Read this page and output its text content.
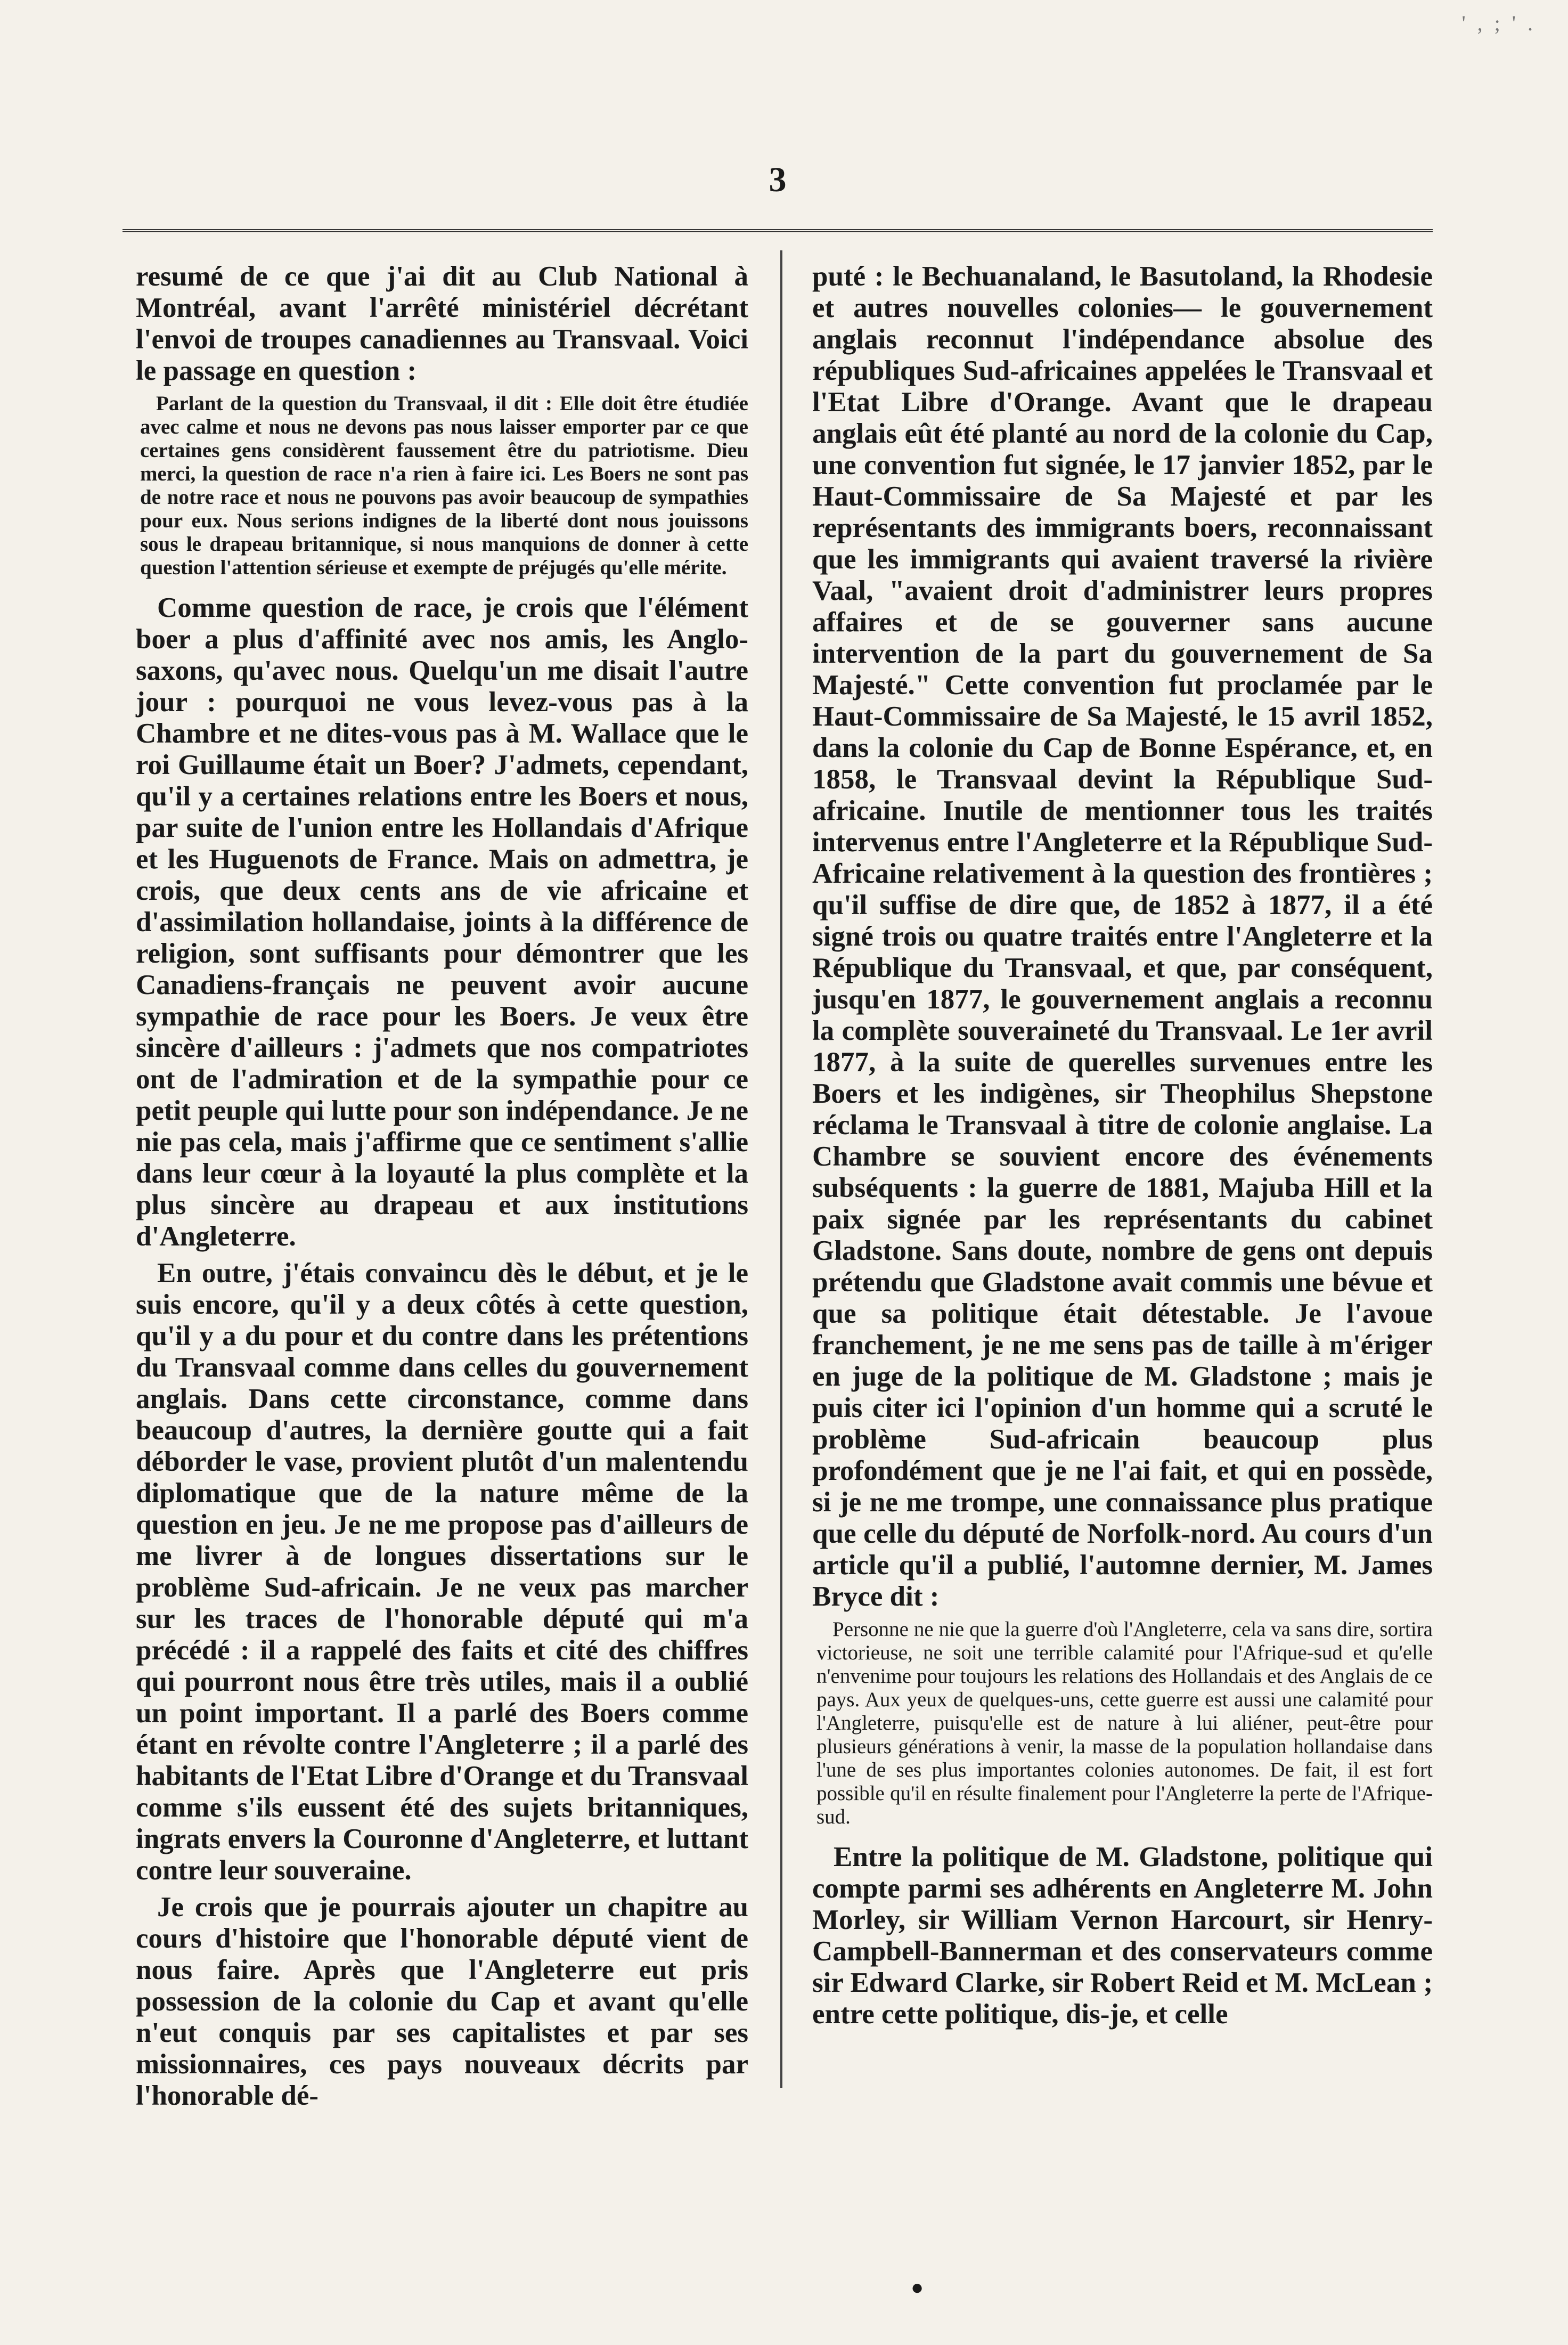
' , ; ' .
3

resumé de ce que j'ai dit au Club National à Montréal, avant l'arrêté ministériel décrétant l'envoi de troupes canadiennes au Transvaal. Voici le passage en question :

Parlant de la question du Transvaal, il dit : Elle doit être étudiée avec calme et nous ne devons pas nous laisser emporter par ce que certaines gens considèrent faussement être du patriotisme. Dieu merci, la question de race n'a rien à faire ici. Les Boers ne sont pas de notre race et nous ne pouvons pas avoir beaucoup de sympathies pour eux. Nous serions indignes de la liberté dont nous jouissons sous le drapeau britannique, si nous manquions de donner à cette question l'attention sérieuse et exempte de préjugés qu'elle mérite.

Comme question de race, je crois que l'élément boer a plus d'affinité avec nos amis, les Anglo-saxons, qu'avec nous. Quelqu'un me disait l'autre jour : pourquoi ne vous levez-vous pas à la Chambre et ne dites-vous pas à M. Wallace que le roi Guillaume était un Boer? J'admets, cependant, qu'il y a certaines relations entre les Boers et nous, par suite de l'union entre les Hollandais d'Afrique et les Huguenots de France. Mais on admettra, je crois, que deux cents ans de vie africaine et d'assimilation hollandaise, joints à la différence de religion, sont suffisants pour démontrer que les Canadiens-français ne peuvent avoir aucune sympathie de race pour les Boers. Je veux être sincère d'ailleurs : j'admets que nos compatriotes ont de l'admiration et de la sympathie pour ce petit peuple qui lutte pour son indépendance. Je ne nie pas cela, mais j'affirme que ce sentiment s'allie dans leur cœur à la loyauté la plus complète et la plus sincère au drapeau et aux institutions d'Angleterre.

En outre, j'étais convaincu dès le début, et je le suis encore, qu'il y a deux côtés à cette question, qu'il y a du pour et du contre dans les prétentions du Transvaal comme dans celles du gouvernement anglais. Dans cette circonstance, comme dans beaucoup d'autres, la dernière goutte qui a fait déborder le vase, provient plutôt d'un malentendu diplomatique que de la nature même de la question en jeu. Je ne me propose pas d'ailleurs de me livrer à de longues dissertations sur le problème Sud-africain. Je ne veux pas marcher sur les traces de l'honorable député qui m'a précédé : il a rappelé des faits et cité des chiffres qui pourront nous être très utiles, mais il a oublié un point important. Il a parlé des Boers comme étant en révolte contre l'Angleterre ; il a parlé des habitants de l'Etat Libre d'Orange et du Transvaal comme s'ils eussent été des sujets britanniques, ingrats envers la Couronne d'Angleterre, et luttant contre leur souveraine.

Je crois que je pourrais ajouter un chapitre au cours d'histoire que l'honorable député vient de nous faire. Après que l'Angleterre eut pris possession de la colonie du Cap et avant qu'elle n'eut conquis par ses capitalistes et par ses missionnaires, ces pays nouveaux décrits par l'honorable dé-

puté : le Bechuanaland, le Basutoland, la Rhodesie et autres nouvelles colonies— le gouvernement anglais reconnut l'indépendance absolue des républiques Sud-africaines appelées le Transvaal et l'Etat Libre d'Orange. Avant que le drapeau anglais eût été planté au nord de la colonie du Cap, une convention fut signée, le 17 janvier 1852, par le Haut-Commissaire de Sa Majesté et par les représentants des immigrants boers, reconnaissant que les immigrants qui avaient traversé la rivière Vaal, "avaient droit d'administrer leurs propres affaires et de se gouverner sans aucune intervention de la part du gouvernement de Sa Majesté." Cette convention fut proclamée par le Haut-Commissaire de Sa Majesté, le 15 avril 1852, dans la colonie du Cap de Bonne Espérance, et, en 1858, le Transvaal devint la République Sud-africaine. Inutile de mentionner tous les traités intervenus entre l'Angleterre et la République Sud-Africaine relativement à la question des frontières ; qu'il suffise de dire que, de 1852 à 1877, il a été signé trois ou quatre traités entre l'Angleterre et la République du Transvaal, et que, par conséquent, jusqu'en 1877, le gouvernement anglais a reconnu la complète souveraineté du Transvaal. Le 1er avril 1877, à la suite de querelles survenues entre les Boers et les indigènes, sir Theophilus Shepstone réclama le Transvaal à titre de colonie anglaise. La Chambre se souvient encore des événements subséquents : la guerre de 1881, Majuba Hill et la paix signée par les représentants du cabinet Gladstone. Sans doute, nombre de gens ont depuis prétendu que Gladstone avait commis une bévue et que sa politique était détestable. Je l'avoue franchement, je ne me sens pas de taille à m'ériger en juge de la politique de M. Gladstone ; mais je puis citer ici l'opinion d'un homme qui a scruté le problème Sud-africain beaucoup plus profondément que je ne l'ai fait, et qui en possède, si je ne me trompe, une connaissance plus pratique que celle du député de Norfolk-nord. Au cours d'un article qu'il a publié, l'automne dernier, M. James Bryce dit :

Personne ne nie que la guerre d'où l'Angleterre, cela va sans dire, sortira victorieuse, ne soit une terrible calamité pour l'Afrique-sud et qu'elle n'envenime pour toujours les relations des Hollandais et des Anglais de ce pays. Aux yeux de quelques-uns, cette guerre est aussi une calamité pour l'Angleterre, puisqu'elle est de nature à lui aliéner, peut-être pour plusieurs générations à venir, la masse de la population hollandaise dans l'une de ses plus importantes colonies autonomes. De fait, il est fort possible qu'il en résulte finalement pour l'Angleterre la perte de l'Afrique-sud.

Entre la politique de M. Gladstone, politique qui compte parmi ses adhérents en Angleterre M. John Morley, sir William Vernon Harcourt, sir Henry-Campbell-Bannerman et des conservateurs comme sir Edward Clarke, sir Robert Reid et M. McLean ; entre cette politique, dis-je, et celle

●
